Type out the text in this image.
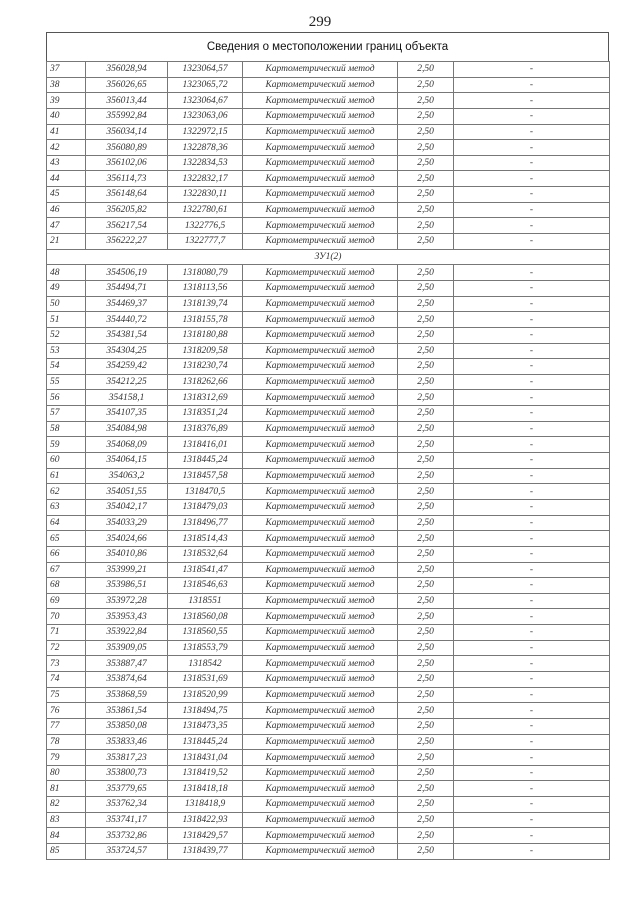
299
Сведения о местоположении границ объекта
37	356028,94	1323064,57	Картометрический метод	2,50	-
38	356026,65	1323065,72	Картометрический метод	2,50	-
39	356013,44	1323064,67	Картометрический метод	2,50	-
40	355992,84	1323063,06	Картометрический метод	2,50	-
41	356034,14	1322972,15	Картометрический метод	2,50	-
42	356080,89	1322878,36	Картометрический метод	2,50	-
43	356102,06	1322834,53	Картометрический метод	2,50	-
44	356114,73	1322832,17	Картометрический метод	2,50	-
45	356148,64	1322830,11	Картометрический метод	2,50	-
46	356205,82	1322780,61	Картометрический метод	2,50	-
47	356217,54	1322776,5	Картометрический метод	2,50	-
21	356222,27	1322777,7	Картометрический метод	2,50	-
ЗУ1(2)					
48	354506,19	1318080,79	Картометрический метод	2,50	-
49	354494,71	1318113,56	Картометрический метод	2,50	-
50	354469,37	1318139,74	Картометрический метод	2,50	-
51	354440,72	1318155,78	Картометрический метод	2,50	-
52	354381,54	1318180,88	Картометрический метод	2,50	-
53	354304,25	1318209,58	Картометрический метод	2,50	-
54	354259,42	1318230,74	Картометрический метод	2,50	-
55	354212,25	1318262,66	Картометрический метод	2,50	-
56	354158,1	1318312,69	Картометрический метод	2,50	-
57	354107,35	1318351,24	Картометрический метод	2,50	-
58	354084,98	1318376,89	Картометрический метод	2,50	-
59	354068,09	1318416,01	Картометрический метод	2,50	-
60	354064,15	1318445,24	Картометрический метод	2,50	-
61	354063,2	1318457,58	Картометрический метод	2,50	-
62	354051,55	1318470,5	Картометрический метод	2,50	-
63	354042,17	1318479,03	Картометрический метод	2,50	-
64	354033,29	1318496,77	Картометрический метод	2,50	-
65	354024,66	1318514,43	Картометрический метод	2,50	-
66	354010,86	1318532,64	Картометрический метод	2,50	-
67	353999,21	1318541,47	Картометрический метод	2,50	-
68	353986,51	1318546,63	Картометрический метод	2,50	-
69	353972,28	1318551	Картометрический метод	2,50	-
70	353953,43	1318560,08	Картометрический метод	2,50	-
71	353922,84	1318560,55	Картометрический метод	2,50	-
72	353909,05	1318553,79	Картометрический метод	2,50	-
73	353887,47	1318542	Картометрический метод	2,50	-
74	353874,64	1318531,69	Картометрический метод	2,50	-
75	353868,59	1318520,99	Картометрический метод	2,50	-
76	353861,54	1318494,75	Картометрический метод	2,50	-
77	353850,08	1318473,35	Картометрический метод	2,50	-
78	353833,46	1318445,24	Картометрический метод	2,50	-
79	353817,23	1318431,04	Картометрический метод	2,50	-
80	353800,73	1318419,52	Картометрический метод	2,50	-
81	353779,65	1318418,18	Картометрический метод	2,50	-
82	353762,34	1318418,9	Картометрический метод	2,50	-
83	353741,17	1318422,93	Картометрический метод	2,50	-
84	353732,86	1318429,57	Картометрический метод	2,50	-
85	353724,57	1318439,77	Картометрический метод	2,50	-
